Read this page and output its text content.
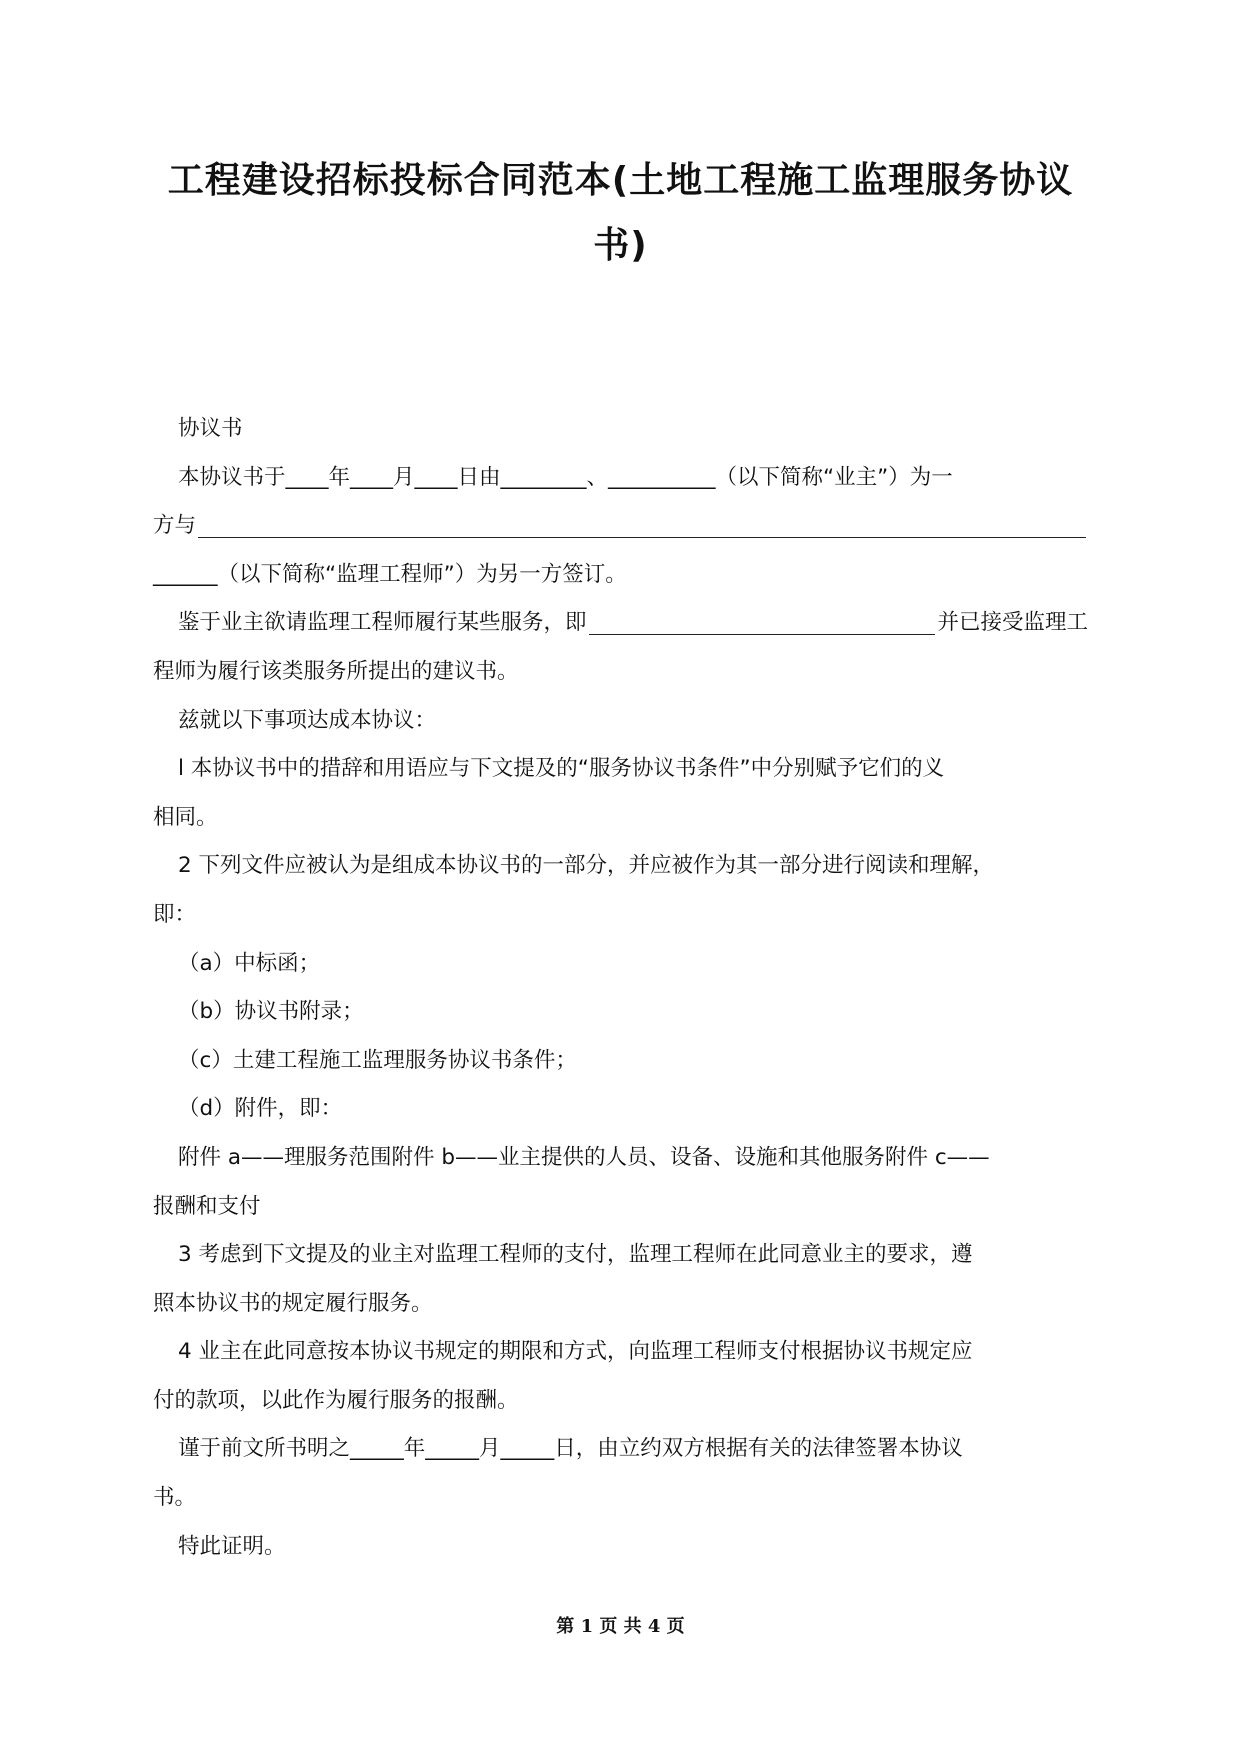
工程建设招标投标合同范本(土地工程施工监理服务协议
书)
协议书
本协议书于____年____月____日由________、__________（以下简称“业主”）为一
方与
______（以下简称“监理工程师”）为另一方签订。
鉴于业主欲请监理工程师履行某些服务，即	并已接受监理工
程师为履行该类服务所提出的建议书。
兹就以下事项达成本协议：
l 本协议书中的措辞和用语应与下文提及的“服务协议书条件”中分别赋予它们的义
相同。
2 下列文件应被认为是组成本协议书的一部分，并应被作为其一部分进行阅读和理解，
即：
（a）中标函；
（b）协议书附录；
（c）土建工程施工监理服务协议书条件；
（d）附件，即：
附件 a——理服务范围附件 b——业主提供的人员、设备、设施和其他服务附件 c——
报酬和支付
3 考虑到下文提及的业主对监理工程师的支付，监理工程师在此同意业主的要求，遵
照本协议书的规定履行服务。
4 业主在此同意按本协议书规定的期限和方式，向监理工程师支付根据协议书规定应
付的款项，以此作为履行服务的报酬。
谨于前文所书明之_____年_____月_____日，由立约双方根据有关的法律签署本协议
书。
特此证明。
第 1 页 共 4 页
